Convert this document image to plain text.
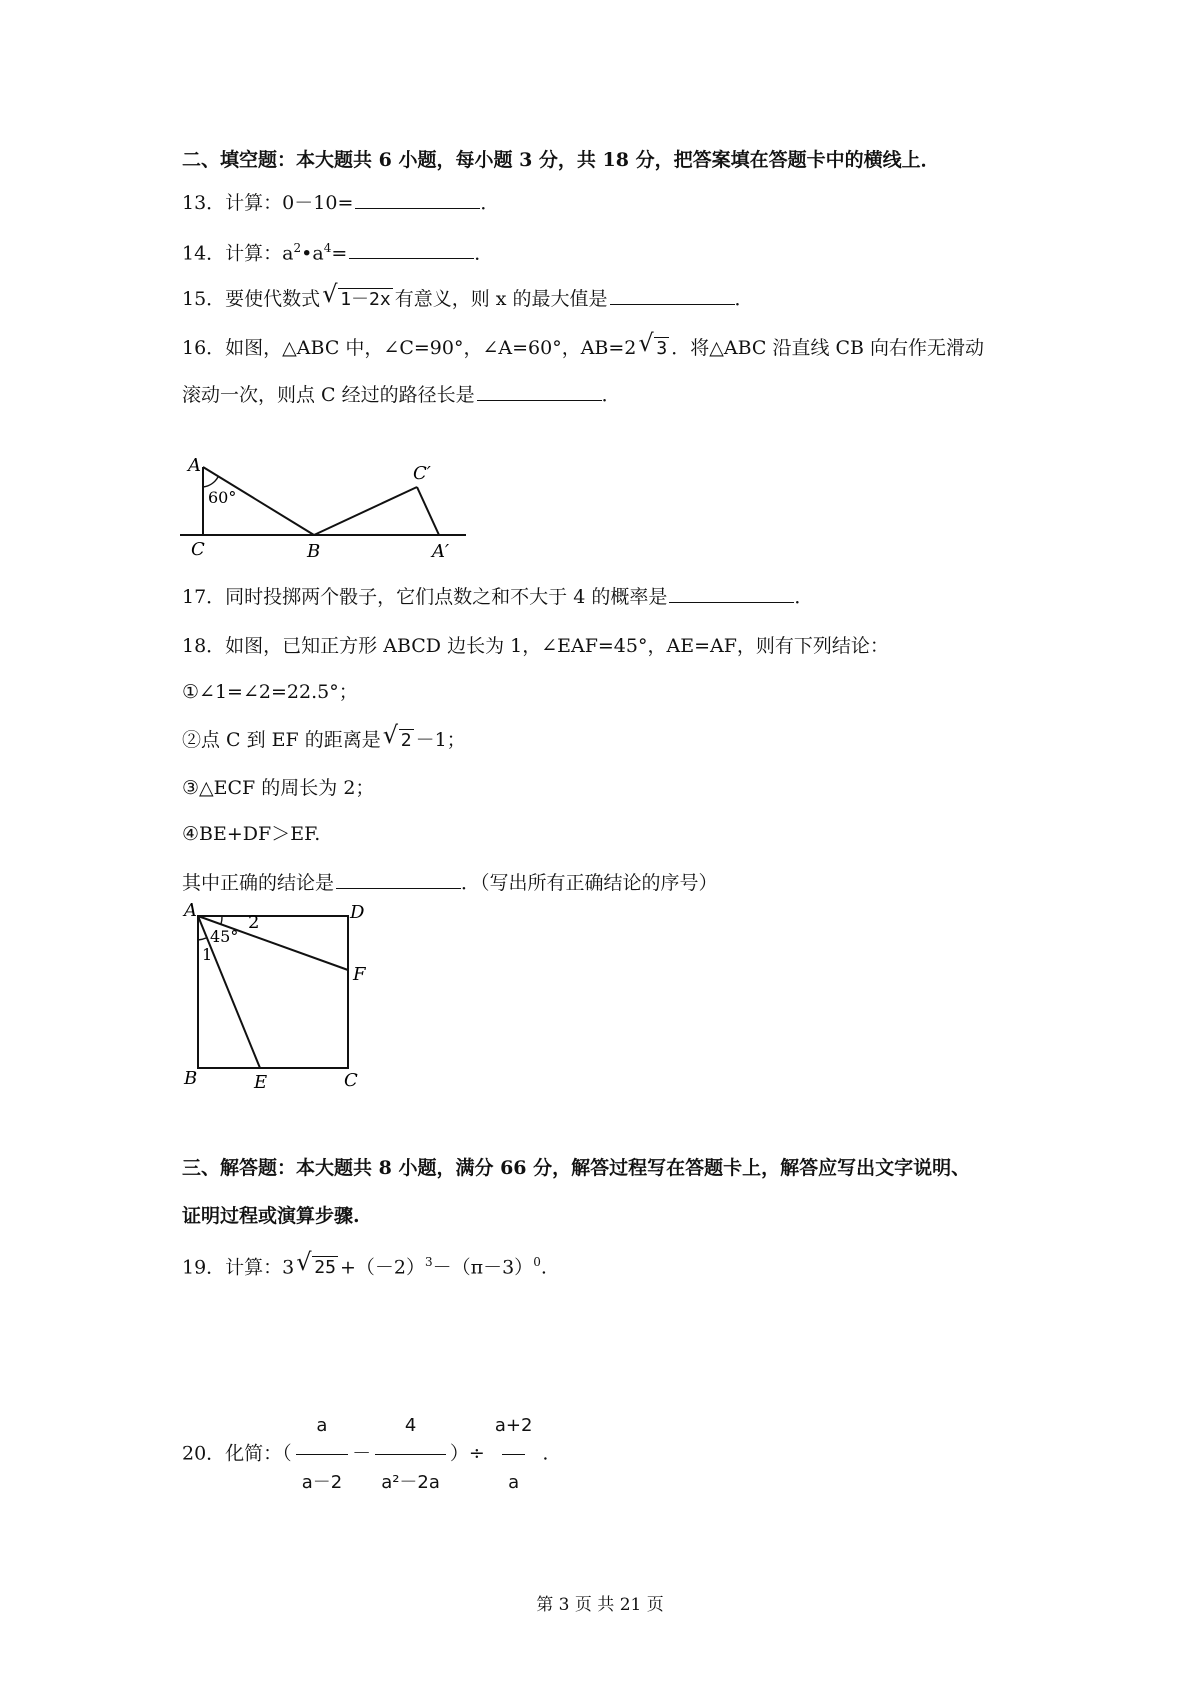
二、填空题：本大题共 6 小题，每小题 3 分，共 18 分，把答案填在答题卡中的横线上．
13．计算：0－10=	．
14．计算：$a^2•a^4=$	．
15．要使代数式 √ 1－2x 有意义，则 x 的最大值是	．
16．如图，△ABC 中，∠C=90°，∠A=60°，AB=2 √ 3 ．将△ABC 沿直线 CB 向右作无滑动
滚动一次，则点 C 经过的路径长是	．
A
60°
C	B
C′
A′
17．同时投掷两个骰子，它们点数之和不大于 4 的概率是	．
18．如图，已知正方形 ABCD 边长为 1，∠EAF=45°，AE=AF，则有下列结论：
①∠1=∠2=22.5°；
②点 C 到 EF 的距离是 √ 2 －1；
③△ECF 的周长为 2；
④BE+DF＞EF.
其中正确的结论是	．（写出所有正确结论的序号）
A	D
F
B	E	C
45°
1
2
三、解答题：本大题共 8 小题，满分 66 分，解答过程写在答题卡上，解答应写出文字说明、
证明过程或演算步骤.
19．计算：3 √ $25 +(-2)^3-(\pi-3)^0$.
20．化简：（ $\frac{a}{a-2} - \frac{4}{\text{a²－2a}}$ ）÷ $\frac{a+2}{a}$ .
第 3 页 共 21 页
